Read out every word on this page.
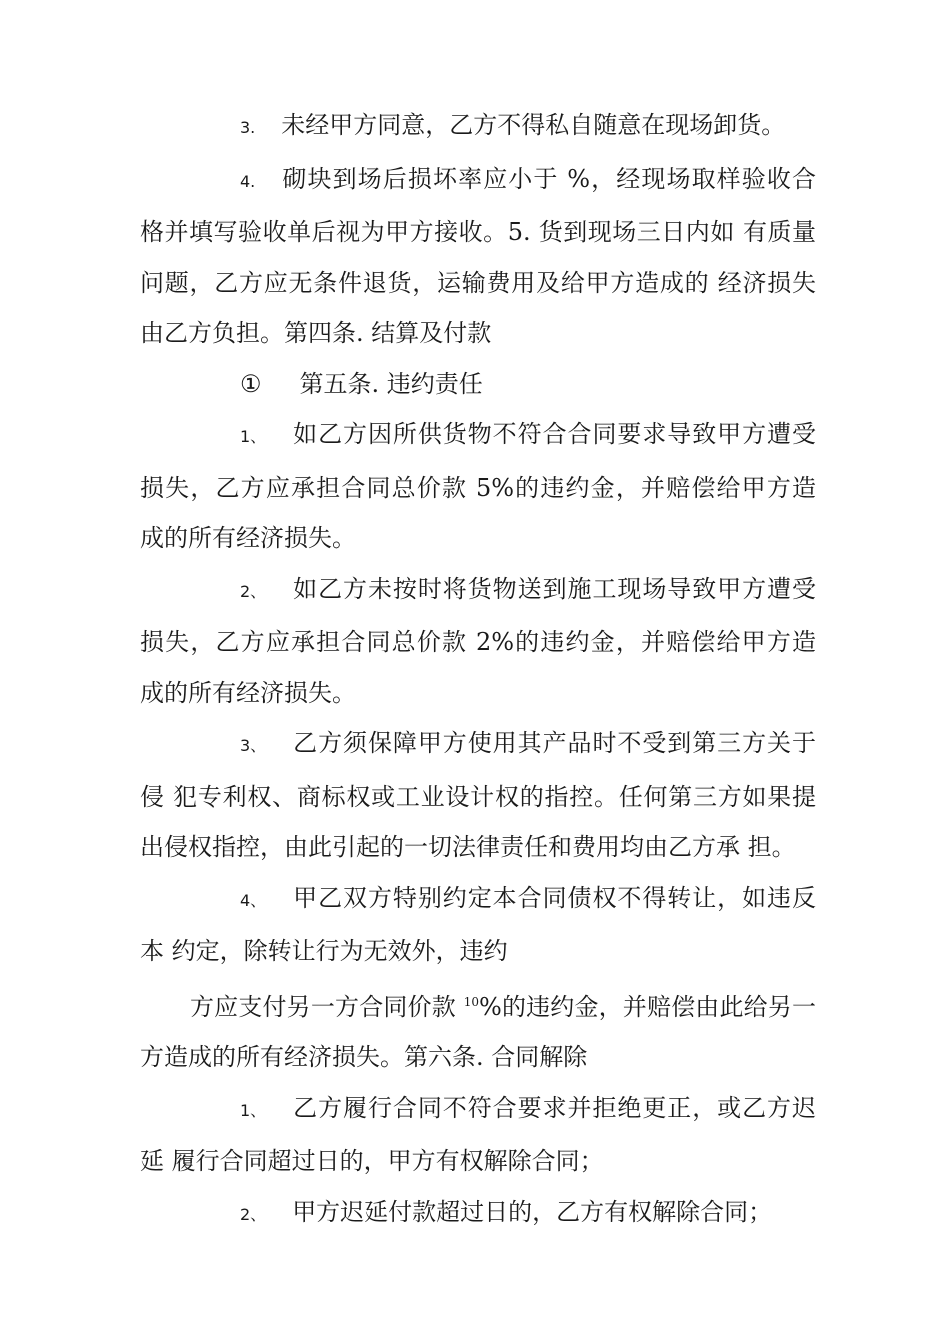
3. 未经甲方同意，乙方不得私自随意在现场卸货。

4. 砌块到场后损坏率应小于 %，经现场取样验收合 格并填写验收单后视为甲方接收。5. 货到现场三日内如 有质量问题，乙方应无条件退货，运输费用及给甲方造成的 经济损失由乙方负担。第四条. 结算及付款

① 第五条. 违约责任

1、 如乙方因所供货物不符合合同要求导致甲方遭受损失，乙方应承担合同总价款 5%的违约金，并赔偿给甲方造 成的所有经济损失。

2、 如乙方未按时将货物送到施工现场导致甲方遭受损失，乙方应承担合同总价款 2%的违约金，并赔偿给甲方造 成的所有经济损失。

3、 乙方须保障甲方使用其产品时不受到第三方关于侵 犯专利权、商标权或工业设计权的指控。任何第三方如果提 出侵权指控，由此引起的一切法律责任和费用均由乙方承 担。

4、 甲乙双方特别约定本合同债权不得转让，如违反本 约定，除转让行为无效外，违约

方应支付另一方合同价款 $^{10}$%的违约金，并赔偿由此给另一方造成的所有经济损失。第六条. 合同解除

1、 乙方履行合同不符合要求并拒绝更正，或乙方迟延 履行合同超过日的，甲方有权解除合同；

2、 甲方迟延付款超过日的，乙方有权解除合同；
